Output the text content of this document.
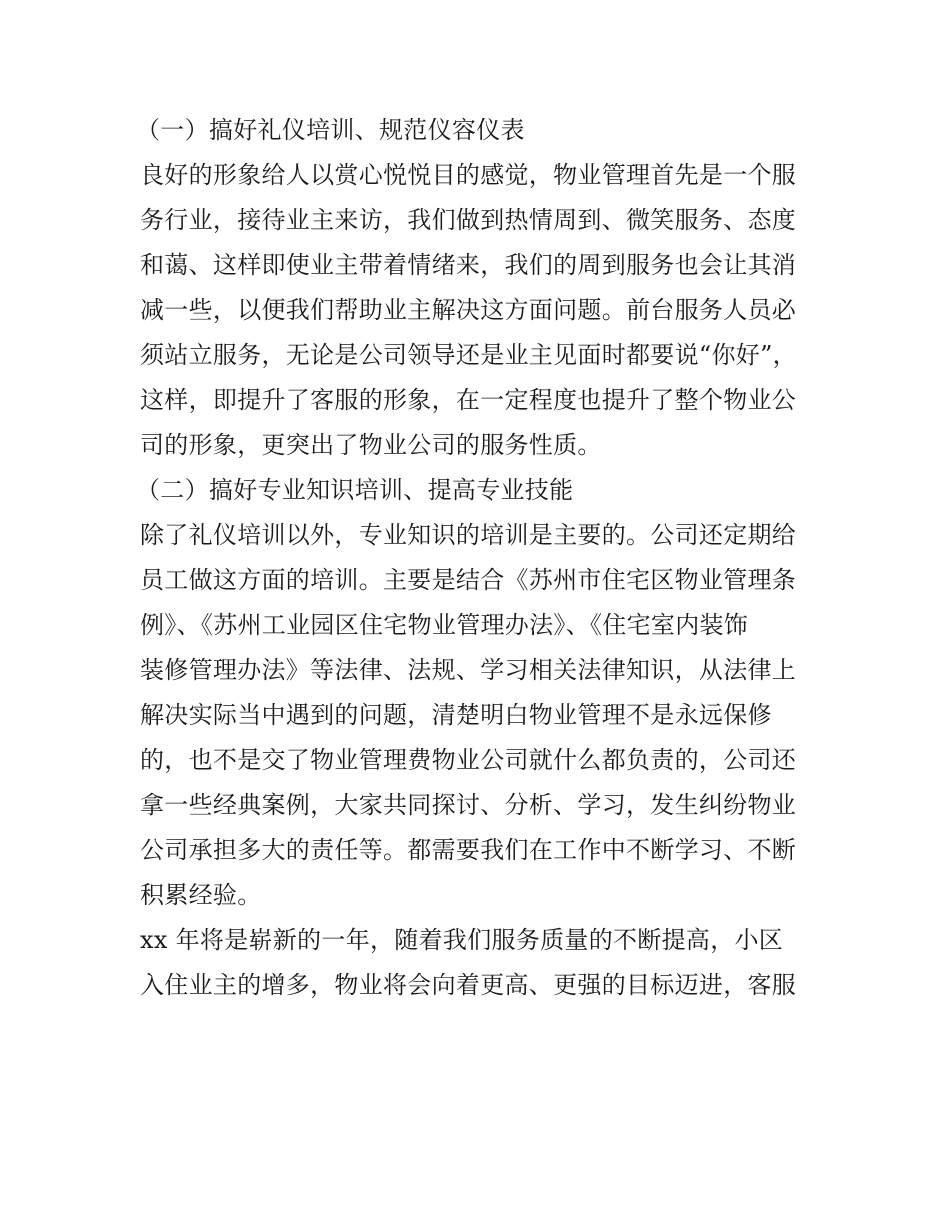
（一）搞好礼仪培训、规范仪容仪表
良好的形象给人以赏心悦悦目的感觉，物业管理首先是一个服
务行业，接待业主来访，我们做到热情周到、微笑服务、态度
和蔼、这样即使业主带着情绪来，我们的周到服务也会让其消
减一些，以便我们帮助业主解决这方面问题。前台服务人员必
须站立服务，无论是公司领导还是业主见面时都要说“你好”，
这样，即提升了客服的形象，在一定程度也提升了整个物业公
司的形象，更突出了物业公司的服务性质。
（二）搞好专业知识培训、提高专业技能
除了礼仪培训以外，专业知识的培训是主要的。公司还定期给
员工做这方面的培训。主要是结合《苏州市住宅区物业管理条
例》、《苏州工业园区住宅物业管理办法》、《住宅室内装饰
装修管理办法》等法律、法规、学习相关法律知识，从法律上
解决实际当中遇到的问题，清楚明白物业管理不是永远保修
的，也不是交了物业管理费物业公司就什么都负责的，公司还
拿一些经典案例，大家共同探讨、分析、学习，发生纠纷物业
公司承担多大的责任等。都需要我们在工作中不断学习、不断
积累经验。
xx 年将是崭新的一年，随着我们服务质量的不断提高，小区
入住业主的增多，物业将会向着更高、更强的目标迈进，客服
